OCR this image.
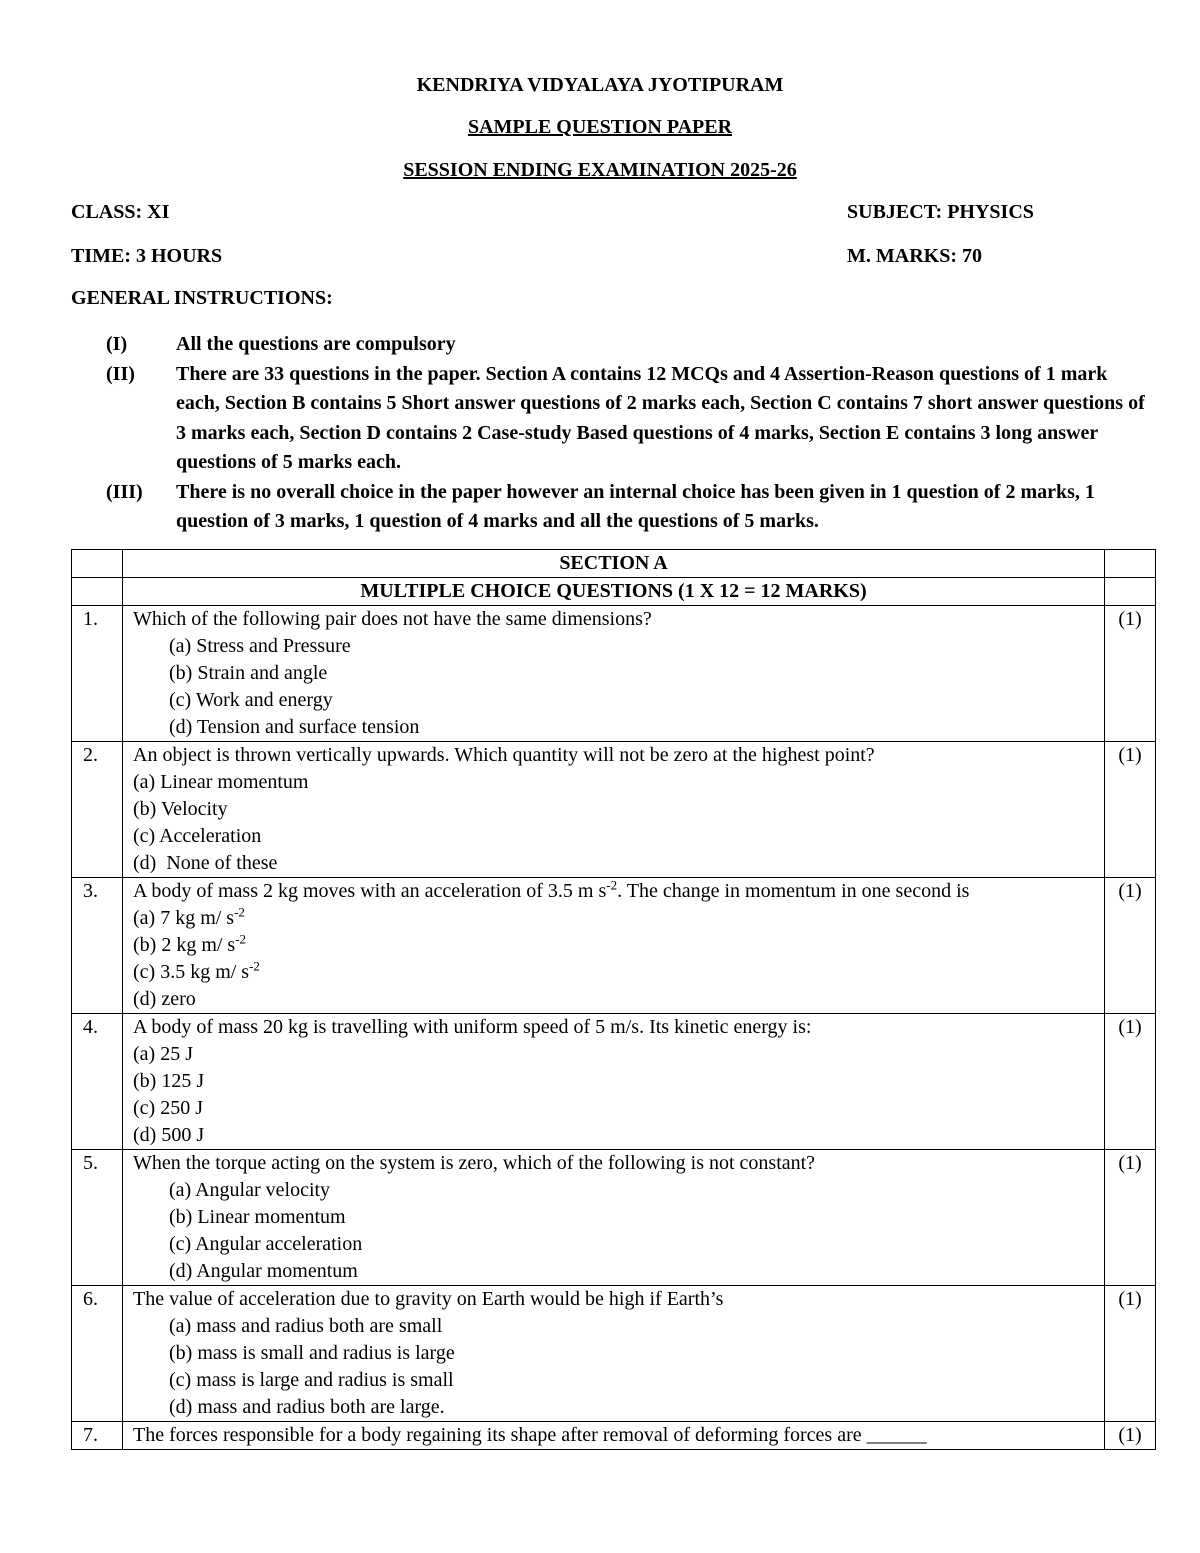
KENDRIYA VIDYALAYA JYOTIPURAM
SAMPLE QUESTION PAPER
SESSION ENDING EXAMINATION 2025-26
CLASS: XI	SUBJECT: PHYSICS
TIME: 3 HOURS	M. MARKS: 70
GENERAL INSTRUCTIONS:
(I)	All the questions are compulsory
(II)	There are 33 questions in the paper. Section A contains 12 MCQs and 4 Assertion-Reason questions of 1 mark each, Section B contains 5 Short answer questions of 2 marks each, Section C contains 7 short answer questions of 3 marks each, Section D contains 2 Case-study Based questions of 4 marks, Section E contains 3 long answer questions of 5 marks each.
(III)	There is no overall choice in the paper however an internal choice has been given in 1 question of 2 marks, 1 question of 3 marks, 1 question of 4 marks and all the questions of 5 marks.
	SECTION A	
	MULTIPLE CHOICE QUESTIONS (1 X 12 = 12 MARKS)	
1.	Which of the following pair does not have the same dimensions?
(a) Stress and Pressure
(b) Strain and angle
(c) Work and energy
(d) Tension and surface tension	(1)
2.	An object is thrown vertically upwards. Which quantity will not be zero at the highest point?
(a) Linear momentum
(b) Velocity
(c) Acceleration
(d)  None of these	(1)
3.	A body of mass 2 kg moves with an acceleration of 3.5 m $s^{-2}$. The change in momentum in one second is
(a) 7 kg m/ $s^{-2}$
(b) 2 kg m/ $s^{-2}$
(c) 3.5 kg m/ $s^{-2}$
(d) zero	(1)
4.	A body of mass 20 kg is travelling with uniform speed of 5 m/s. Its kinetic energy is:
(a) 25 J
(b) 125 J
(c) 250 J
(d) 500 J	(1)
5.	When the torque acting on the system is zero, which of the following is not constant?
(a) Angular velocity
(b) Linear momentum
(c) Angular acceleration
(d) Angular momentum	(1)
6.	The value of acceleration due to gravity on Earth would be high if Earth’s
(a) mass and radius both are small
(b) mass is small and radius is large
(c) mass is large and radius is small
(d) mass and radius both are large.	(1)
7.	The forces responsible for a body regaining its shape after removal of deforming forces are ______	(1)
